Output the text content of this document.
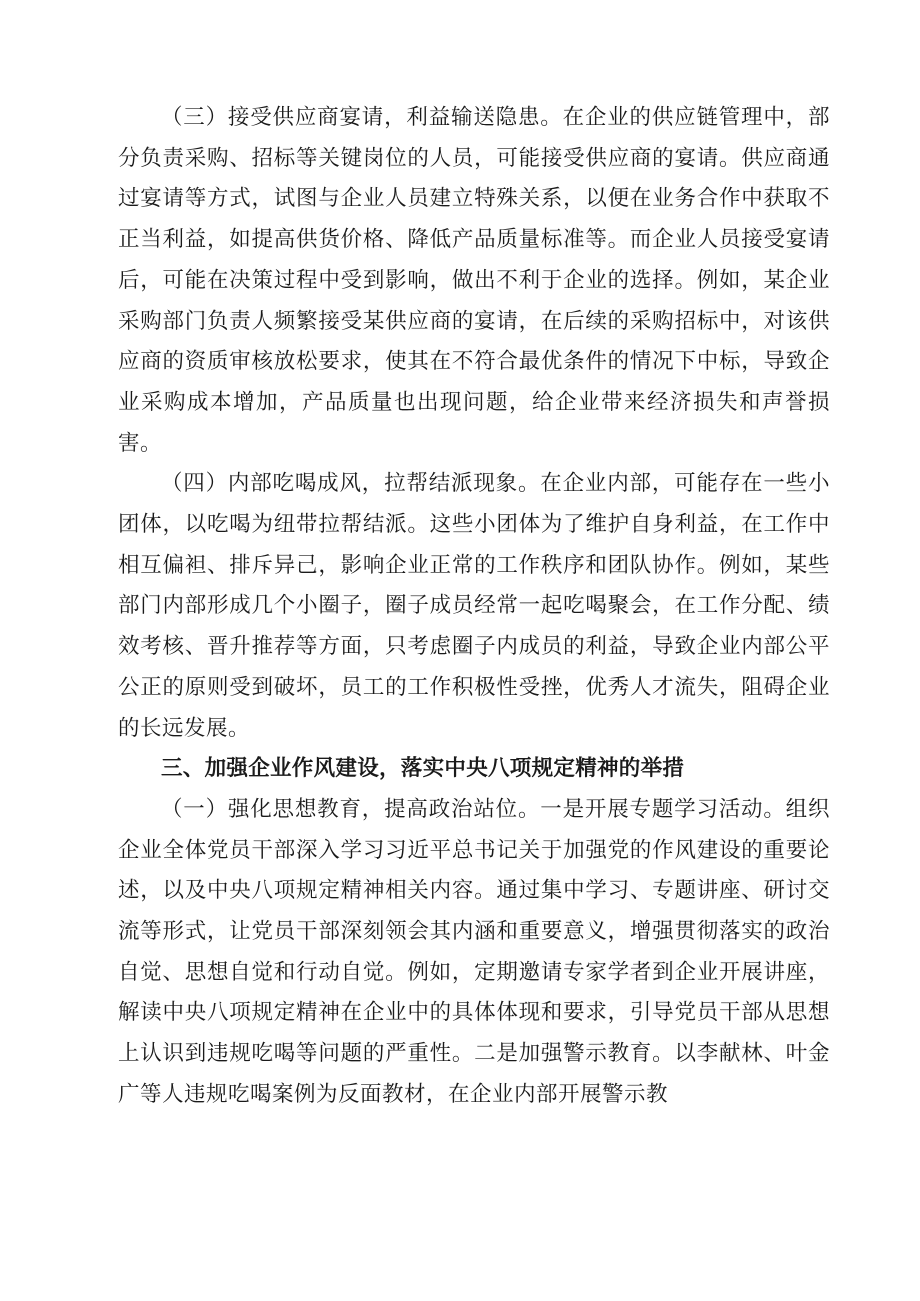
（三）接受供应商宴请，利益输送隐患。在企业的供应链管理中，部分负责采购、招标等关键岗位的人员，可能接受供应商的宴请。供应商通过宴请等方式，试图与企业人员建立特殊关系，以便在业务合作中获取不正当利益，如提高供货价格、降低产品质量标准等。而企业人员接受宴请后，可能在决策过程中受到影响，做出不利于企业的选择。例如，某企业采购部门负责人频繁接受某供应商的宴请，在后续的采购招标中，对该供应商的资质审核放松要求，使其在不符合最优条件的情况下中标，导致企业采购成本增加，产品质量也出现问题，给企业带来经济损失和声誉损害。

（四）内部吃喝成风，拉帮结派现象。在企业内部，可能存在一些小团体，以吃喝为纽带拉帮结派。这些小团体为了维护自身利益，在工作中相互偏袒、排斥异己，影响企业正常的工作秩序和团队协作。例如，某些部门内部形成几个小圈子，圈子成员经常一起吃喝聚会，在工作分配、绩效考核、晋升推荐等方面，只考虑圈子内成员的利益，导致企业内部公平公正的原则受到破坏，员工的工作积极性受挫，优秀人才流失，阻碍企业的长远发展。

三、加强企业作风建设，落实中央八项规定精神的举措

（一）强化思想教育，提高政治站位。一是开展专题学习活动。组织企业全体党员干部深入学习习近平总书记关于加强党的作风建设的重要论述，以及中央八项规定精神相关内容。通过集中学习、专题讲座、研讨交流等形式，让党员干部深刻领会其内涵和重要意义，增强贯彻落实的政治自觉、思想自觉和行动自觉。例如，定期邀请专家学者到企业开展讲座，解读中央八项规定精神在企业中的具体体现和要求，引导党员干部从思想上认识到违规吃喝等问题的严重性。二是加强警示教育。以李献林、叶金广等人违规吃喝案例为反面教材，在企业内部开展警示教
